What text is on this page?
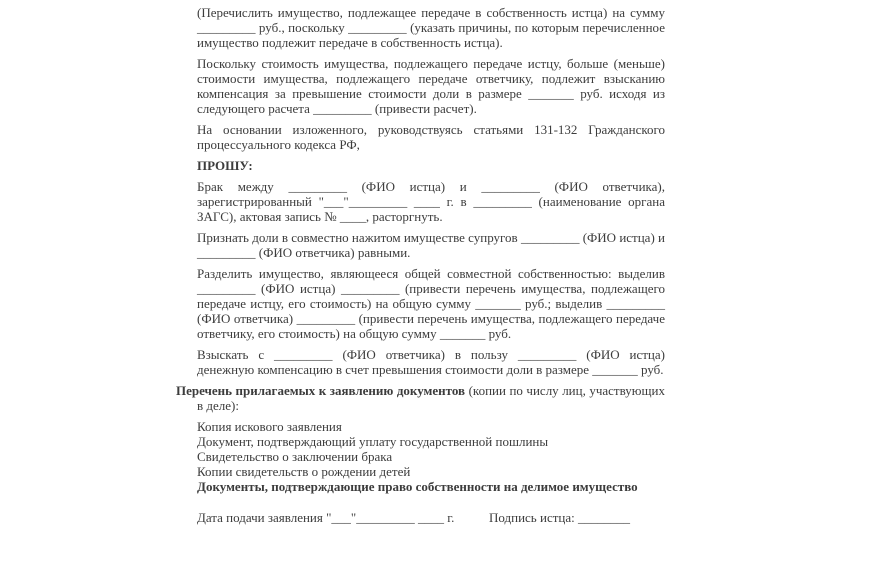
(Перечислить имущество, подлежащее передаче в собственность истца) на сумму _________ руб., поскольку _________ (указать причины, по которым перечисленное имущество подлежит передаче в собственность истца).

Поскольку стоимость имущества, подлежащего передаче истцу, больше (меньше) стоимости имущества, подлежащего передаче ответчику, подлежит взысканию компенсация за превышение стоимости доли в размере _______ руб. исходя из следующего расчета _________ (привести расчет).

На основании изложенного, руководствуясь статьями 131-132 Гражданского процессуального кодекса РФ,

ПРОШУ:

Брак между _________ (ФИО истца) и _________ (ФИО ответчика), зарегистрированный "___"_________ ____ г. в _________ (наименование органа ЗАГС), актовая запись № ____, расторгнуть.

Признать доли в совместно нажитом имуществе супругов _________ (ФИО истца) и _________ (ФИО ответчика) равными.

Разделить имущество, являющееся общей совместной собственностью: выделив _________ (ФИО истца) _________ (привести перечень имущества, подлежащего передаче истцу, его стоимость) на общую сумму _______ руб.; выделив _________ (ФИО ответчика) _________ (привести перечень имущества, подлежащего передаче ответчику, его стоимость) на общую сумму _______ руб.

Взыскать с _________ (ФИО ответчика) в пользу _________ (ФИО истца) денежную компенсацию в счет превышения стоимости доли в размере _______ руб.

Перечень прилагаемых к заявлению документов (копии по числу лиц, участвующих в деле):

Копия искового заявления
Документ, подтверждающий уплату государственной пошлины
Свидетельство о заключении брака
Копии свидетельств о рождении детей
Документы, подтверждающие право собственности на делимое имущество
Дата подачи заявления "___"_________ ____ г.	Подпись истца: ________
